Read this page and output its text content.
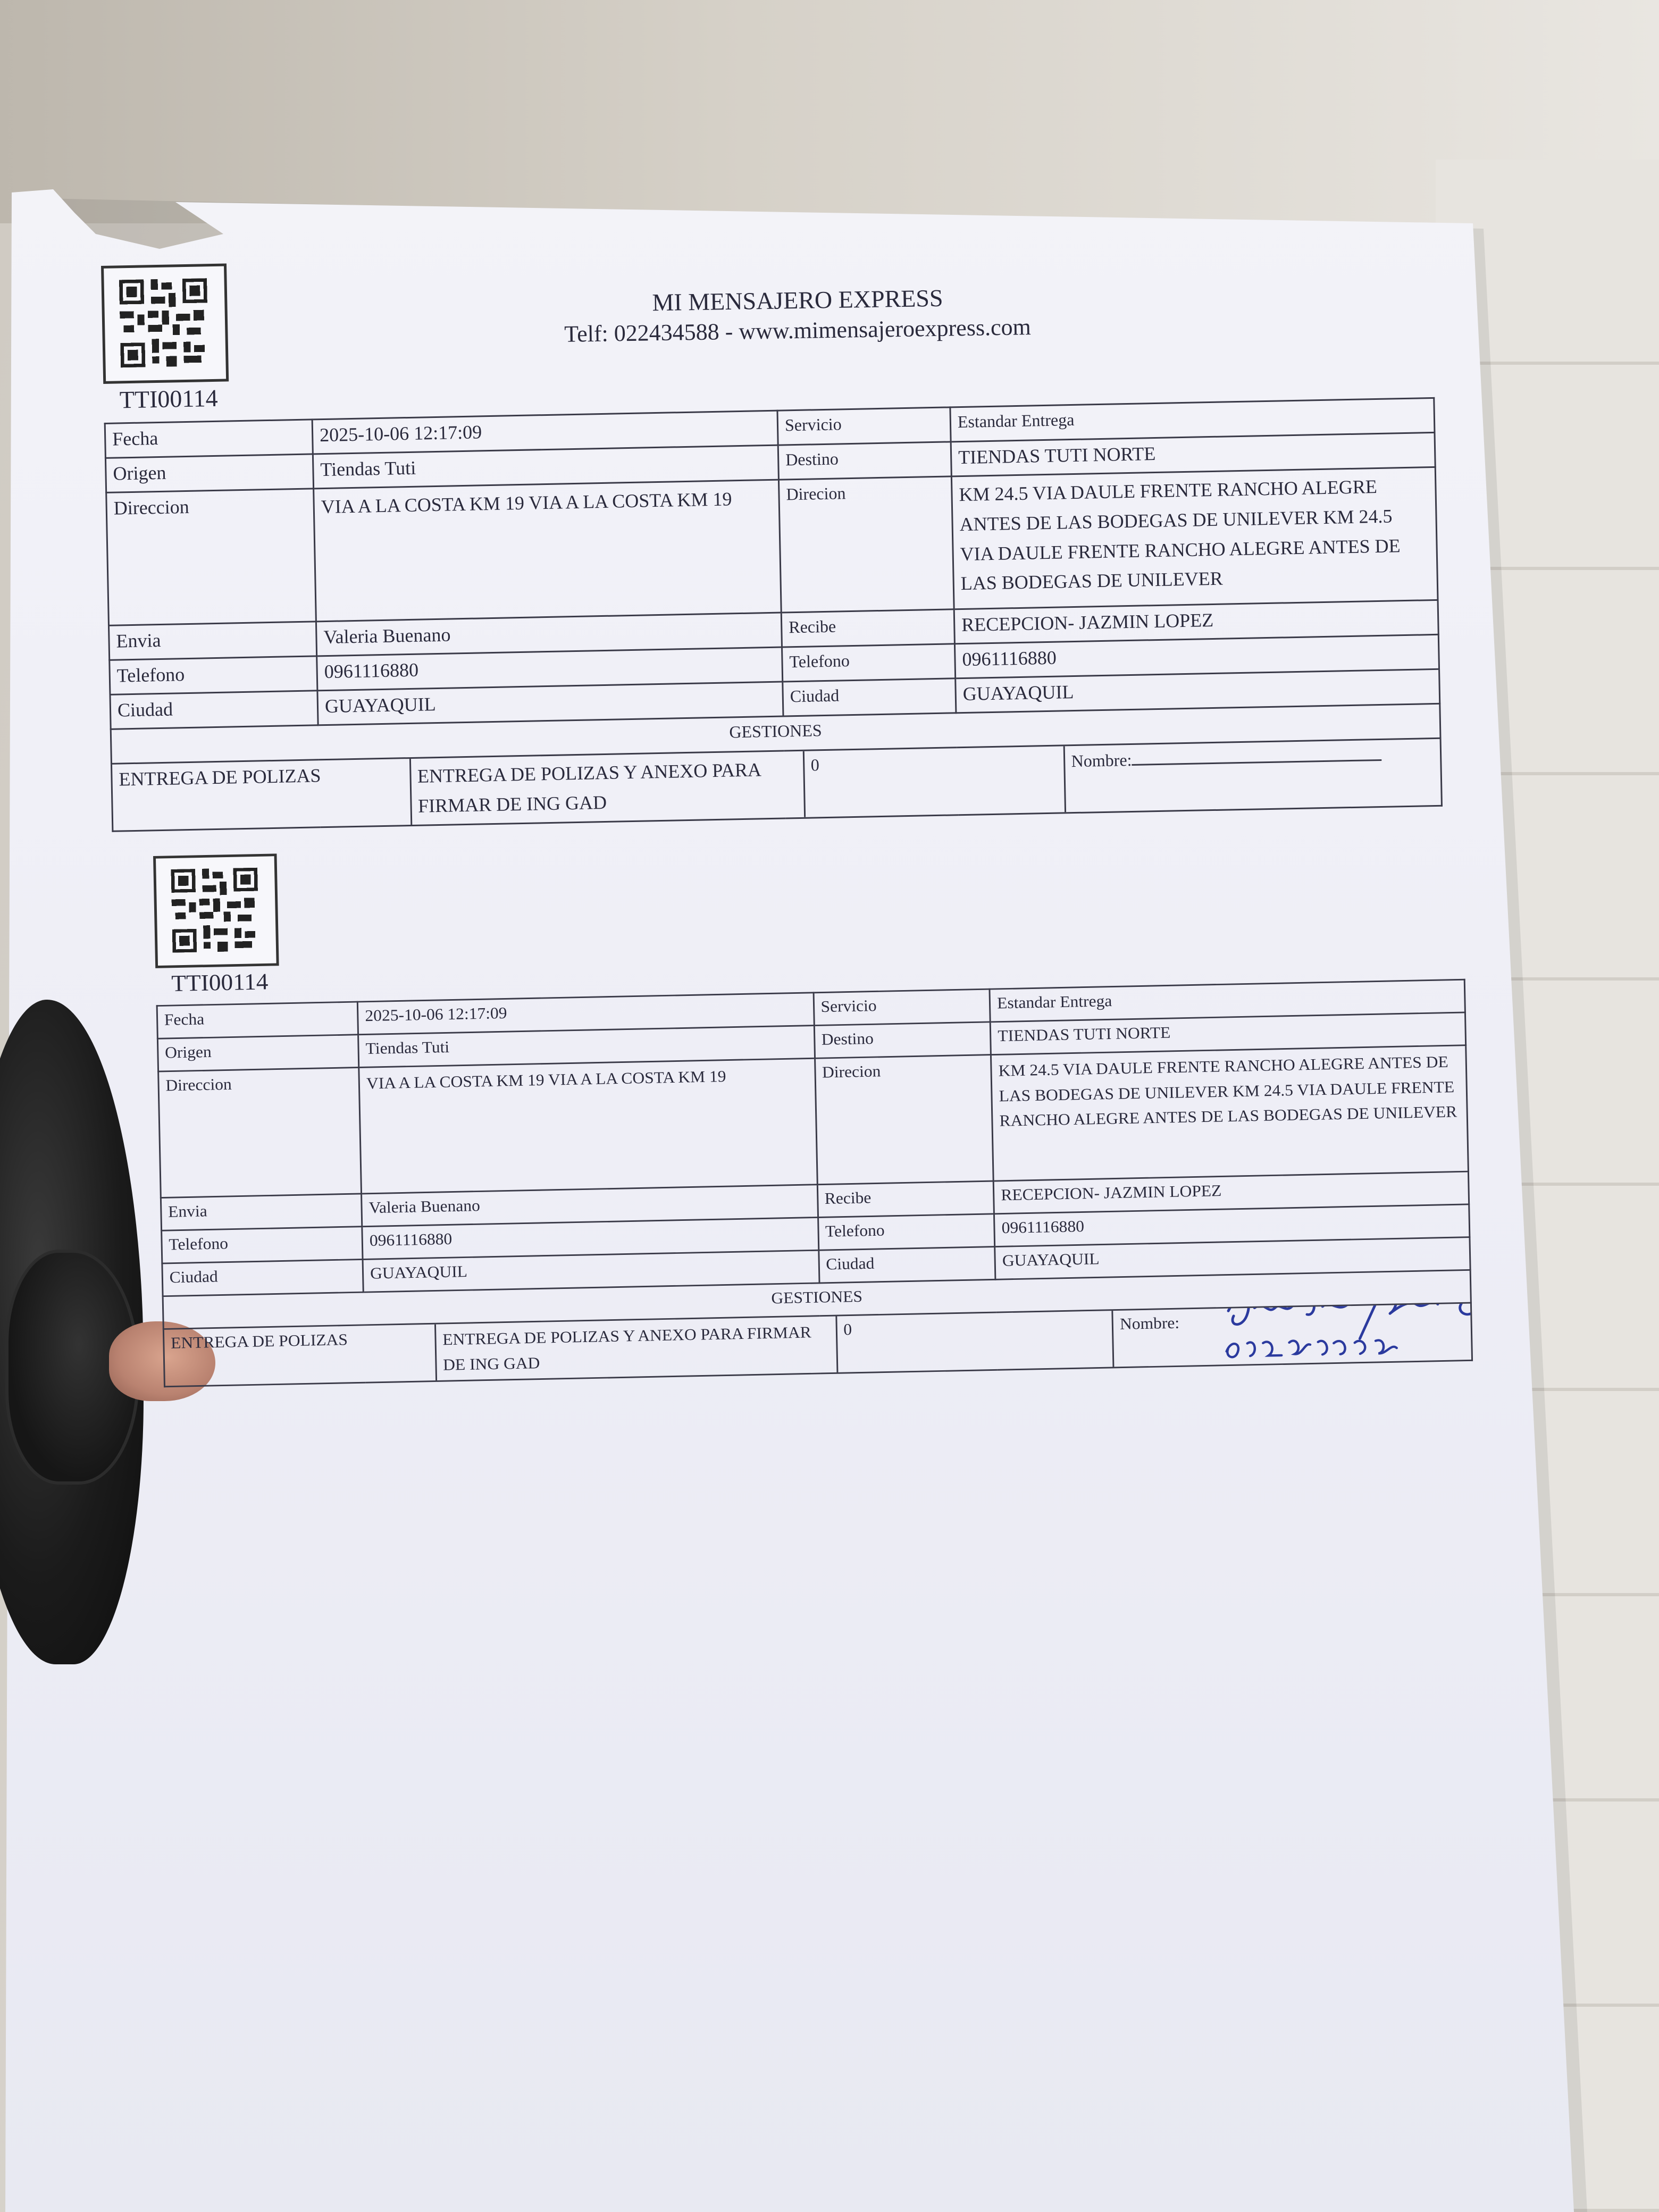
MI MENSAJERO EXPRESS
Telf: 022434588 - www.mimensajeroexpress.com
TTI00114
Fecha	2025-10-06 12:17:09	Servicio	Estandar Entrega
Origen	Tiendas Tuti	Destino	TIENDAS TUTI NORTE
Direccion	VIA A LA COSTA KM 19 VIA A LA COSTA KM 19	Direcion	KM 24.5 VIA DAULE FRENTE RANCHO ALEGRE ANTES DE LAS BODEGAS DE UNILEVER KM 24.5 VIA DAULE FRENTE RANCHO ALEGRE ANTES DE LAS BODEGAS DE UNILEVER
Envia	Valeria Buenano	Recibe	RECEPCION- JAZMIN LOPEZ
Telefono	0961116880	Telefono	0961116880
Ciudad	GUAYAQUIL	Ciudad	GUAYAQUIL
GESTIONES

ENTREGA DE POLIZAS	ENTREGA DE POLIZAS Y ANEXO PARA FIRMAR DE ING GAD	0	Nombre:
TTI00114
Fecha	2025-10-06 12:17:09	Servicio	Estandar Entrega
Origen	Tiendas Tuti	Destino	TIENDAS TUTI NORTE
Direccion	VIA A LA COSTA KM 19 VIA A LA COSTA KM 19	Direcion	KM 24.5 VIA DAULE FRENTE RANCHO ALEGRE ANTES DE LAS BODEGAS DE UNILEVER KM 24.5 VIA DAULE FRENTE RANCHO ALEGRE ANTES DE LAS BODEGAS DE UNILEVER
Envia	Valeria Buenano	Recibe	RECEPCION- JAZMIN LOPEZ
Telefono	0961116880	Telefono	0961116880
Ciudad	GUAYAQUIL	Ciudad	GUAYAQUIL
GESTIONES

ENTREGA DE POLIZAS	ENTREGA DE POLIZAS Y ANEXO PARA FIRMAR DE ING GAD	0	Nombre:
